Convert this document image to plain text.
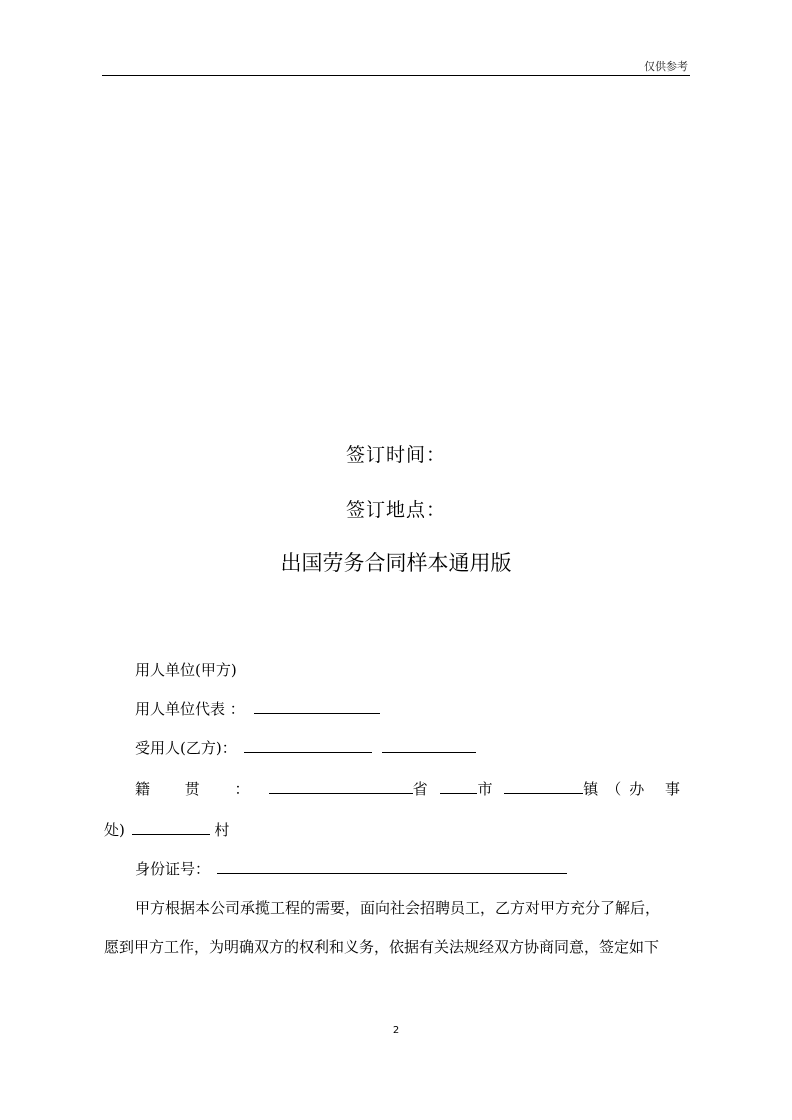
仅供参考
签订时间：
签订地点：
出国劳务合同样本通用版
用人单位(甲方)
用人单位代表 ：
受用人(乙方)：
籍 贯 ：	省	市	镇（办 事
处)	村
身份证号：
甲方根据本公司承揽工程的需要，面向社会招聘员工，乙方对甲方充分了解后，
愿到甲方工作，为明确双方的权利和义务，依据有关法规经双方协商同意，签定如下
2
